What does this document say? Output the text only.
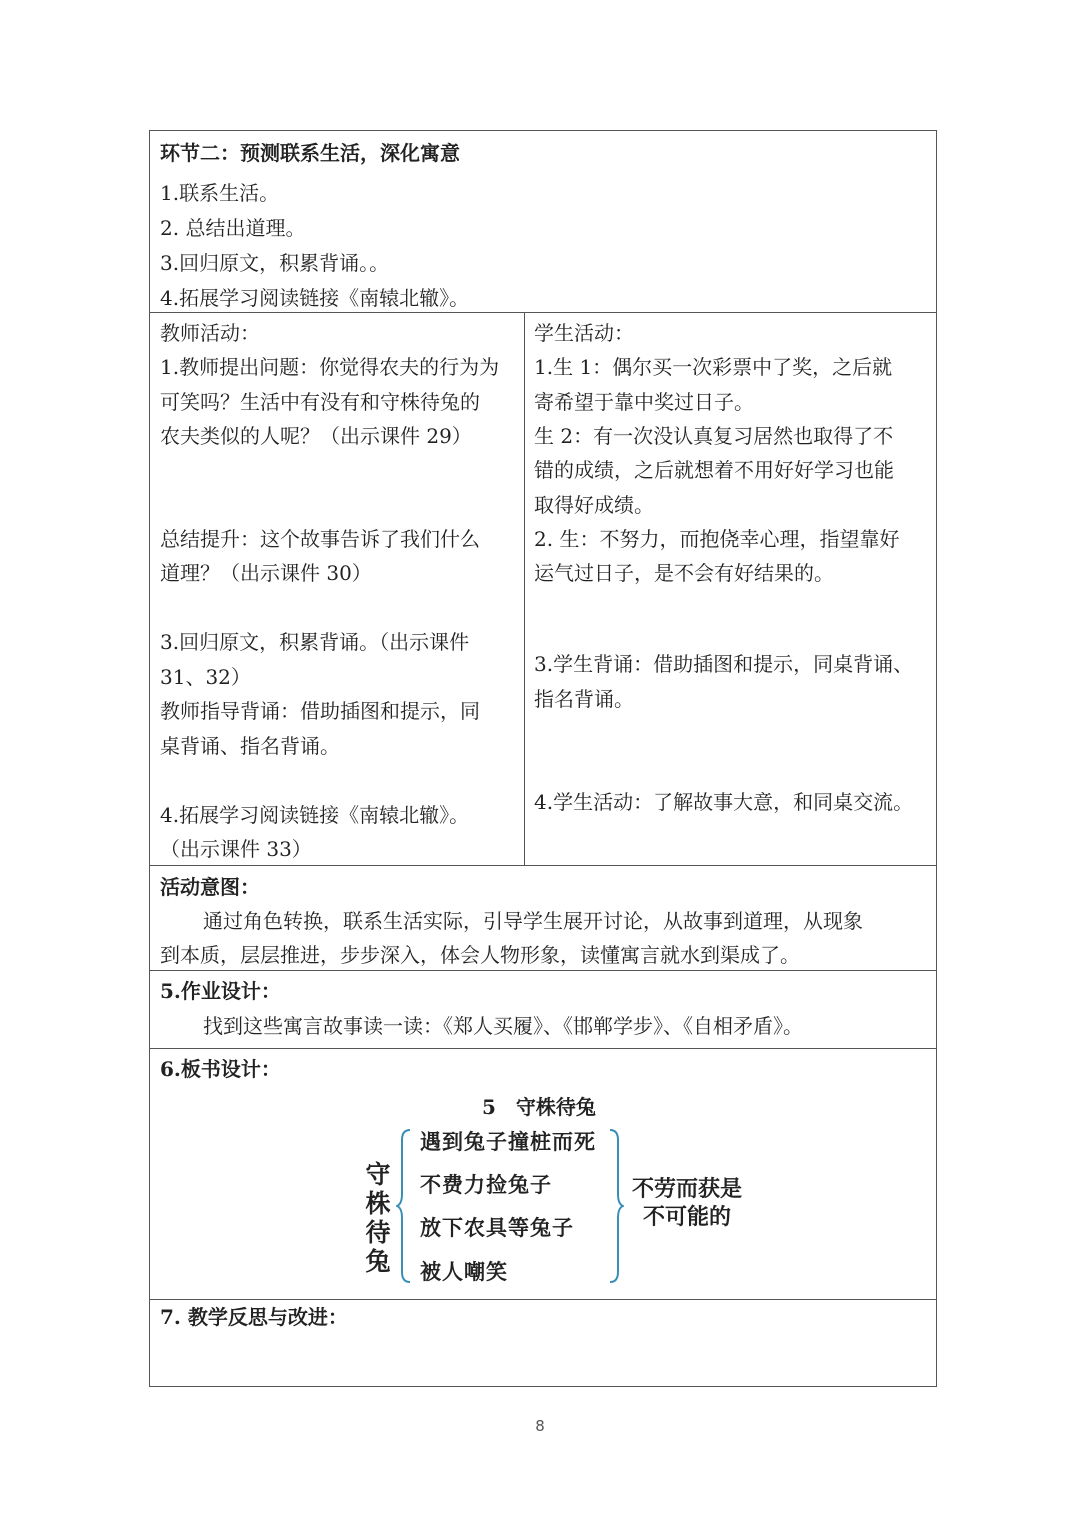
环节二：预测联系生活，深化寓意
1.联系生活。
2. 总结出道理。
3.回归原文，积累背诵。。
4.拓展学习阅读链接《南辕北辙》。
教师活动：
1.教师提出问题：你觉得农夫的行为为
可笑吗？生活中有没有和守株待兔的
农夫类似的人呢？（出示课件 29）
总结提升：这个故事告诉了我们什么
道理？（出示课件 30）
3.回归原文，积累背诵。（出示课件
31、32）
教师指导背诵：借助插图和提示，同
桌背诵、指名背诵。
4.拓展学习阅读链接《南辕北辙》。
（出示课件 33）
学生活动：
1.生 1：偶尔买一次彩票中了奖，之后就
寄希望于靠中奖过日子。
生 2：有一次没认真复习居然也取得了不
错的成绩，之后就想着不用好好学习也能
取得好成绩。
2. 生：不努力，而抱侥幸心理，指望靠好
运气过日子，是不会有好结果的。
3.学生背诵：借助插图和提示，同桌背诵、
指名背诵。
4.学生活动：了解故事大意，和同桌交流。
活动意图：
通过角色转换，联系生活实际，引导学生展开讨论，从故事到道理，从现象
到本质，层层推进，步步深入，体会人物形象，读懂寓言就水到渠成了。
5.作业设计：
找到这些寓言故事读一读：《郑人买履》、《邯郸学步》、《自相矛盾》。
6.板书设计：
5　守株待兔
守
株
待
兔
遇到兔子撞桩而死
不费力捡兔子
放下农具等兔子
被人嘲笑
不劳而获是
不可能的
7. 教学反思与改进：
8
